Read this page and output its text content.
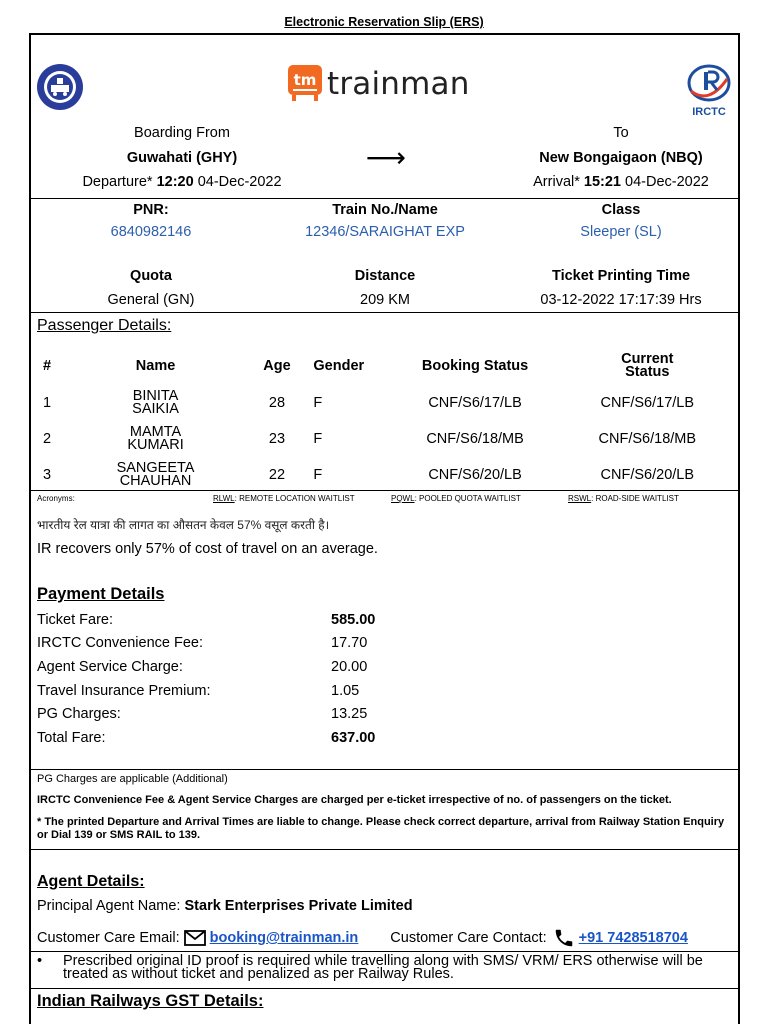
Electronic Reservation Slip (ERS)
tm trainman
IRCTC
Boarding From
Guwahati (GHY)
Departure* 12:20 04-Dec-2022
⟶
To
New Bongaigaon (NBQ)
Arrival* 15:21 04-Dec-2022
PNR:	Train No./Name	Class
6840982146	12346/SARAIGHAT EXP	Sleeper (SL)
Quota	Distance	Ticket Printing Time
General (GN)	209 KM	03-12-2022 17:17:39 Hrs
Passenger Details:
#	Name	Age	Gender	Booking Status	Current
Status

1	BINITA
SAIKIA	28	F	CNF/S6/17/LB	CNF/S6/17/LB
2	MAMTA
KUMARI	23	F	CNF/S6/18/MB	CNF/S6/18/MB
3	SANGEETA
CHAUHAN	22	F	CNF/S6/20/LB	CNF/S6/20/LB
Acronyms:	RLWL: REMOTE LOCATION WAITLIST	PQWL: POOLED QUOTA WAITLIST	RSWL: ROAD-SIDE WAITLIST
भारतीय रेल यात्रा की लागत का औसतन केवल 57% वसूल करती है।
IR recovers only 57% of cost of travel on an average.
Payment Details
Ticket Fare:	585.00
IRCTC Convenience Fee:	17.70
Agent Service Charge:	20.00
Travel Insurance Premium:	1.05
PG Charges:	13.25
Total Fare:	637.00
PG Charges are applicable (Additional)
IRCTC Convenience Fee & Agent Service Charges are charged per e-ticket irrespective of no. of passengers on the ticket.
* The printed Departure and Arrival Times are liable to change. Please check correct departure, arrival from Railway Station Enquiry or Dial 139 or SMS RAIL to 139.
Agent Details:
Principal Agent Name:
Stark Enterprises Private Limited
Customer Care Email: booking@trainman.in Customer Care Contact: +91 7428518704
•	Prescribed original ID proof is required while travelling along with SMS/ VRM/ ERS otherwise will be treated as without ticket and penalized as per Railway Rules.
Indian Railways GST Details:
